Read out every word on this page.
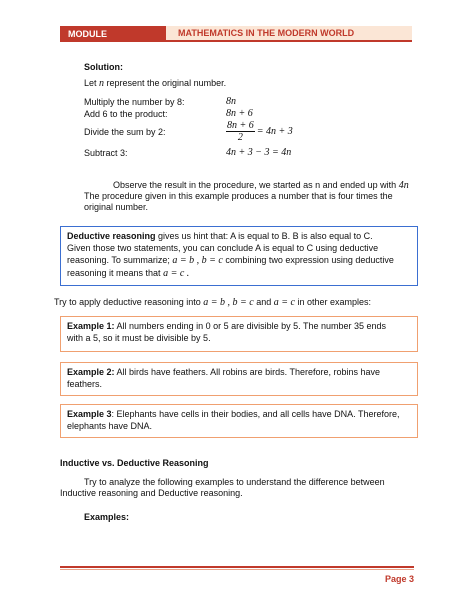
MODULE	MATHEMATICS IN THE MODERN WORLD
Solution:
Let n represent the original number.
Multiply the number by 8:	8n
Add 6 to the product:	8n + 6
Divide the sum by 2:	$\frac{8n + 6}{2} = 4n + 3$
Subtract 3:	4n + 3 − 3 = 4n
Observe the result in the procedure, we started as n and ended up with 4n
The procedure given in this example produces a number that is four times the
original number.
Deductive reasoning gives us hint that: A is equal to B. B is also equal to C.
Given those two statements, you can conclude A is equal to C using deductive
reasoning. To summarize; a = b , b = c combining two expression using deductive
reasoning it means that a = c .
Try to apply deductive reasoning into a = b , b = c and a = c in other examples:
Example 1: All numbers ending in 0 or 5 are divisible by 5. The number 35 ends
with a 5, so it must be divisible by 5.
Example 2: All birds have feathers. All robins are birds. Therefore, robins have
feathers.
Example 3: Elephants have cells in their bodies, and all cells have DNA. Therefore,
elephants have DNA.
Inductive vs. Deductive Reasoning
Try to analyze the following examples to understand the difference between
Inductive reasoning and Deductive reasoning.
Examples:
Page 3
